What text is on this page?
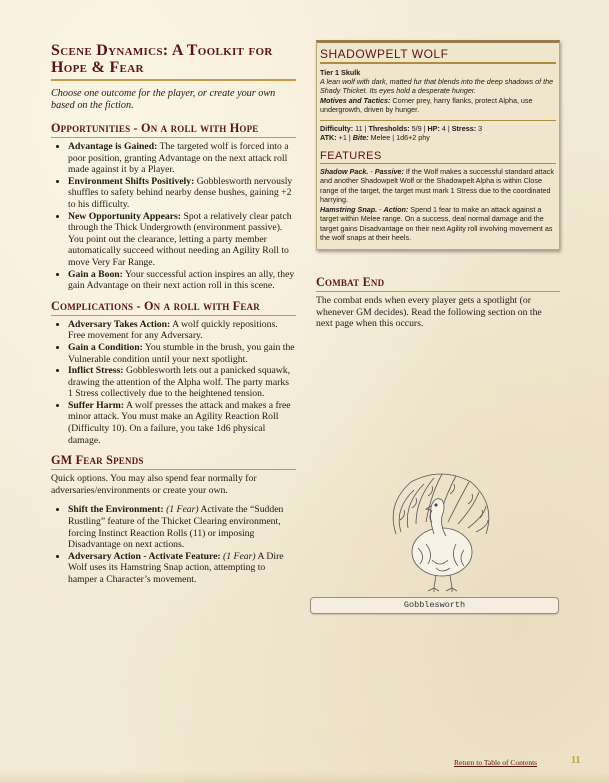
Scene Dynamics: A Toolkit for Hope & Fear

Choose one outcome for the player, or create your own based on the fiction.

Opportunities - On a roll with Hope
• Advantage is Gained: The targeted wolf is forced into a poor position, granting Advantage on the next attack roll made against it by a Player.
• Environment Shifts Positively: Gobblesworth nervously shuffles to safety behind nearby dense bushes, gaining +2 to his difficulty.
• New Opportunity Appears: Spot a relatively clear patch through the Thick Undergrowth (environment passive). You point out the clearance, letting a party member automatically succeed without needing an Agility Roll to move Very Far Range.
• Gain a Boon: Your successful action inspires an ally, they gain Advantage on their next action roll in this scene.
Complications - On a roll with Fear
• Adversary Takes Action: A wolf quickly repositions. Free movement for any Adversary.
• Gain a Condition: You stumble in the brush, you gain the Vulnerable condition until your next spotlight.
• Inflict Stress: Gobblesworth lets out a panicked squawk, drawing the attention of the Alpha wolf. The party marks 1 Stress collectively due to the heightened tension.
• Suffer Harm: A wolf presses the attack and makes a free minor attack. You must make an Agility Reaction Roll (Difficulty 10). On a failure, you take 1d6 physical damage.
GM Fear Spends

Quick options. You may also spend fear normally for adversaries/environments or create your own.

• Shift the Environment: (1 Fear) Activate the “Sudden Rustling” feature of the Thicket Clearing environment, forcing Instinct Reaction Rolls (11) or imposing Disadvantage on next actions.
• Adversary Action - Activate Feature: (1 Fear) A Dire Wolf uses its Hamstring Snap action, attempting to hamper a Character’s movement.
SHADOWPELT WOLF

Tier 1 Skulk

A lean wolf with dark, matted fur that blends into the deep shadows of the Shady Thicket. Its eyes hold a desperate hunger.

Motives and Tactics: Corner prey, harry flanks, protect Alpha, use undergrowth, driven by hunger.

Difficulty: 11 | Thresholds: 5/9 | HP: 4 | Stress: 3
ATK: +1 | Bite: Melee | 1d6+2 phy

FEATURES

Shadow Pack. - Passive: If the Wolf makes a successful standard attack and another Shadowpelt Wolf or the Shadowpelt Alpha is within Close range of the target, the target must mark 1 Stress due to the coordinated harrying.

Hamstring Snap. - Action: Spend 1 fear to make an attack against a target within Melee range. On a success, deal normal damage and the target gains Disadvantage on their next Agility roll involving movement as the wolf snaps at their heels.

Combat End

The combat ends when every player gets a spotlight (or whenever GM decides). Read the following section on the next page when this occurs.

Gobblesworth
Return to Table of Contents	11
